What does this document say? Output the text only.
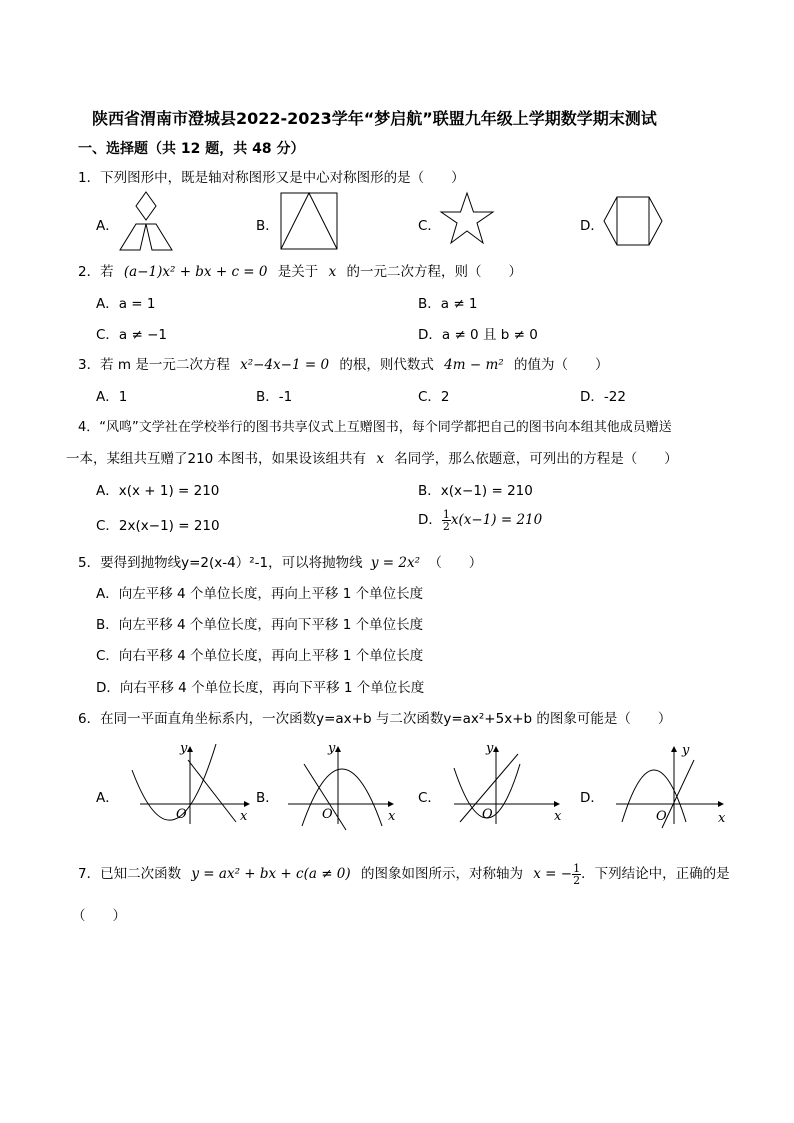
陕西省渭南市澄城县2022-2023学年“梦启航”联盟九年级上学期数学期末测试
一、选择题（共 12 题，共 48 分）
1．下列图形中，既是轴对称图形又是中心对称图形的是（　　）
A．	B．	C．	D．
2．若 (a−1)x² + bx + c = 0 是关于 x 的一元二次方程，则（　　）
A．a = 1	B．a ≠ 1
C．a ≠ −1	D．a ≠ 0 且 b ≠ 0
3．若 m 是一元二次方程 x²−4x−1 = 0 的根，则代数式 4m − m² 的值为（　　）
A．1	B．-1	C．2	D．-22
4．“风鸣”文学社在学校举行的图书共享仪式上互赠图书，每个同学都把自己的图书向本组其他成员赠送
一本，某组共互赠了210 本图书，如果设该组共有 x 名同学，那么依题意，可列出的方程是（　　）
A．x(x + 1) = 210	B．x(x−1) = 210
C．2x(x−1) = 210	D． $\frac{1}{2} x(x-1) = 210$
5．要得到抛物线y=2(x-4）²-1，可以将抛物线 y = 2x² （　　）
A．向左平移 4 个单位长度，再向上平移 1 个单位长度
B．向左平移 4 个单位长度，再向下平移 1 个单位长度
C．向右平移 4 个单位长度，再向上平移 1 个单位长度
D．向右平移 4 个单位长度，再向下平移 1 个单位长度
6．在同一平面直角坐标系内，一次函数y=ax+b 与二次函数y=ax²+5x+b 的图象可能是（　　）
A．
y
x
O
B．
y
x
O
C．
y
x
O
D．
y
x
O
7．已知二次函数 y = ax² + bx + c(a ≠ 0) 的图象如图所示，对称轴为 x = − $\frac{1}{2}$ ．下列结论中，正确的是
（　　）
